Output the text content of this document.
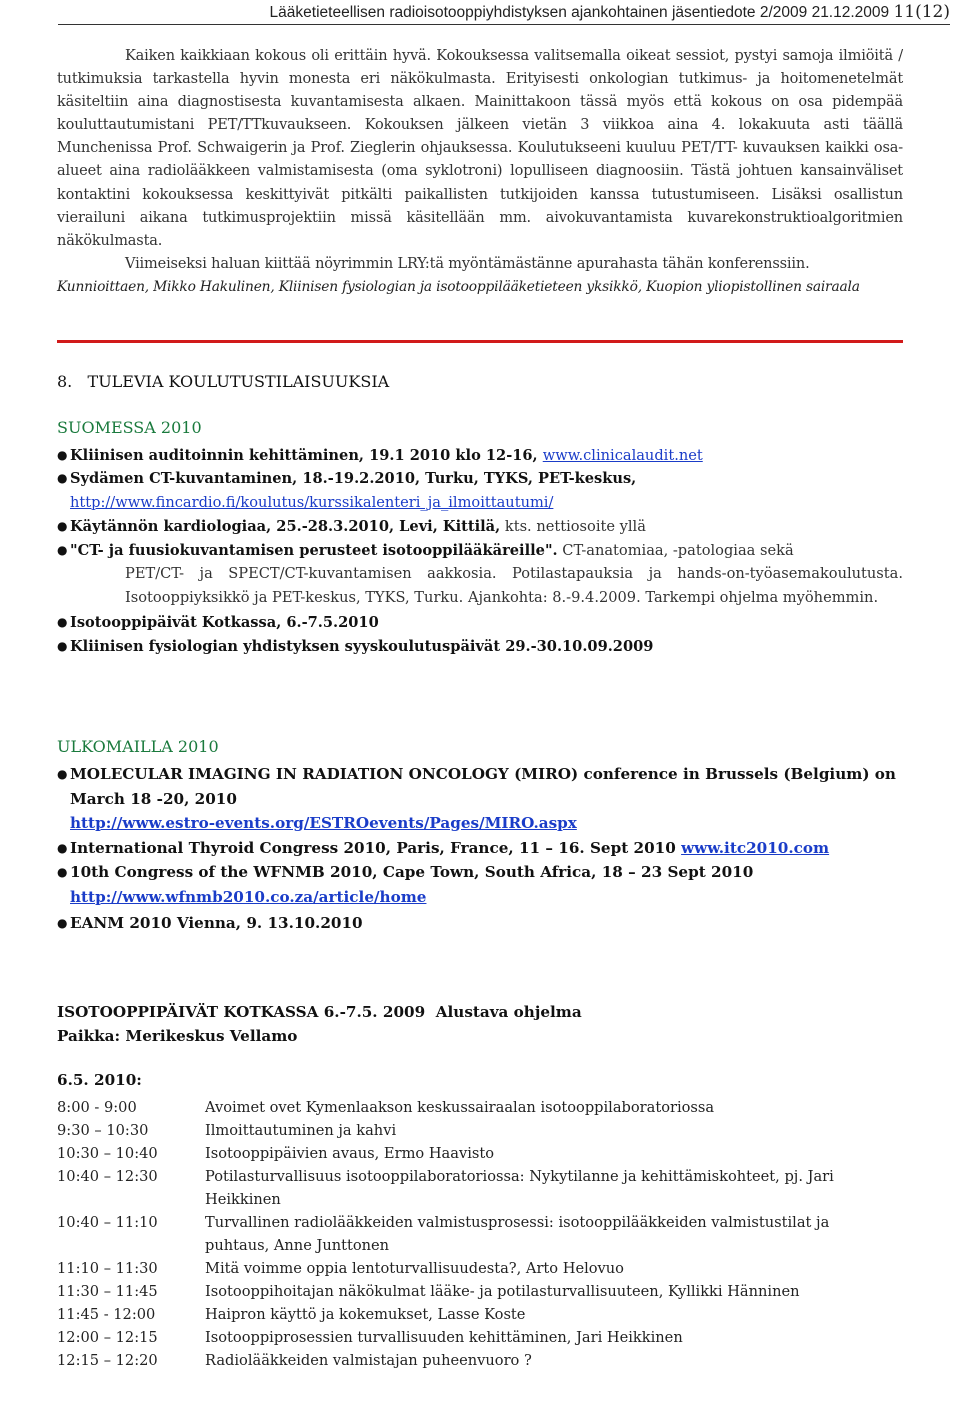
Lääketieteellisen radioisotooppiyhdistyksen ajankohtainen jäsentiedote 2/2009 21.12.2009 11(12)

Kaiken kaikkiaan kokous oli erittäin hyvä. Kokouksessa valitsemalla oikeat sessiot, pystyi samoja ilmiöitä / tutkimuksia tarkastella hyvin monesta eri näkökulmasta. Erityisesti onkologian tutkimus- ja hoitomenetelmät käsiteltiin aina diagnostisesta kuvantamisesta alkaen. Mainittakoon tässä myös että kokous on osa pidempää kouluttautumistani PET/TTkuvaukseen. Kokouksen jälkeen vietän 3 viikkoa aina 4. lokakuuta asti täällä Munchenissa Prof. Schwaigerin ja Prof. Zieglerin ohjauksessa. Koulutukseeni kuuluu PET/TT- kuvauksen kaikki osa-alueet aina radiolääkkeen valmistamisesta (oma syklotroni) lopulliseen diagnoosiin. Tästä johtuen kansainväliset kontaktini kokouksessa keskittyivät pitkälti paikallisten tutkijoiden kanssa tutustumiseen. Lisäksi osallistun vierailuni aikana tutkimusprojektiin missä käsitellään mm. aivokuvantamista kuvarekonstruktioalgoritmien näkökulmasta.

Viimeiseksi haluan kiittää nöyrimmin LRY:tä myöntämästänne apurahasta tähän konferenssiin.

Kunnioittaen, Mikko Hakulinen, Kliinisen fysiologian ja isotooppilääketieteen yksikkö, Kuopion yliopistollinen sairaala

8.   TULEVIA KOULUTUSTILAISUUKSIA

SUOMESSA 2010

● Kliinisen auditoinnin kehittäminen, 19.1 2010 klo 12-16, www.clinicalaudit.net
● Sydämen CT-kuvantaminen, 18.-19.2.2010, Turku, TYKS, PET-keskus,
http://www.fincardio.fi/koulutus/kurssikalenteri_ja_ilmoittautumi/
● Käytännön kardiologiaa, 25.-28.3.2010, Levi, Kittilä, kts. nettiosoite yllä
● "CT- ja fuusiokuvantamisen perusteet isotooppilääkäreille". CT-anatomiaa, -patologiaa sekä
PET/CT- ja SPECT/CT-kuvantamisen aakkosia. Potilastapauksia ja hands-on-työasemakoulutusta. Isotooppiyksikkö ja PET-keskus, TYKS, Turku. Ajankohta: 8.-9.4.2009. Tarkempi ohjelma myöhemmin.
● Isotooppipäivät Kotkassa, 6.-7.5.2010
● Kliinisen fysiologian yhdistyksen syyskoulutuspäivät 29.-30.10.09.2009

ULKOMAILLA 2010

● MOLECULAR IMAGING IN RADIATION ONCOLOGY (MIRO) conference in Brussels (Belgium) on March 18 -20, 2010
http://www.estro-events.org/ESTROevents/Pages/MIRO.aspx
● International Thyroid Congress 2010, Paris, France, 11 – 16. Sept 2010 www.itc2010.com
● 10th Congress of the WFNMB 2010, Cape Town, South Africa, 18 – 23 Sept 2010
http://www.wfnmb2010.co.za/article/home
● EANM 2010 Vienna, 9. 13.10.2010
ISOTOOPPIPÄIVÄT KOTKASSA 6.-7.5. 2009  Alustava ohjelma
Paikka: Merikeskus Vellamo

6.5. 2010:

8:00 - 9:00	Avoimet ovet Kymenlaakson keskussairaalan isotooppilaboratoriossa
9:30 – 10:30	Ilmoittautuminen ja kahvi
10:30 – 10:40	Isotooppipäivien avaus, Ermo Haavisto
10:40 – 12:30	Potilasturvallisuus isotooppilaboratoriossa: Nykytilanne ja kehittämiskohteet, pj. Jari Heikkinen
10:40 – 11:10	Turvallinen radiolääkkeiden valmistusprosessi: isotooppilääkkeiden valmistustilat ja puhtaus, Anne Junttonen
11:10 – 11:30	Mitä voimme oppia lentoturvallisuudesta?, Arto Helovuo
11:30 – 11:45	Isotooppihoitajan näkökulmat lääke- ja potilasturvallisuuteen, Kyllikki Hänninen
11:45 - 12:00	Haipron käyttö ja kokemukset, Lasse Koste
12:00 – 12:15	Isotooppiprosessien turvallisuuden kehittäminen, Jari Heikkinen
12:15 – 12:20	Radiolääkkeiden valmistajan puheenvuoro ?
